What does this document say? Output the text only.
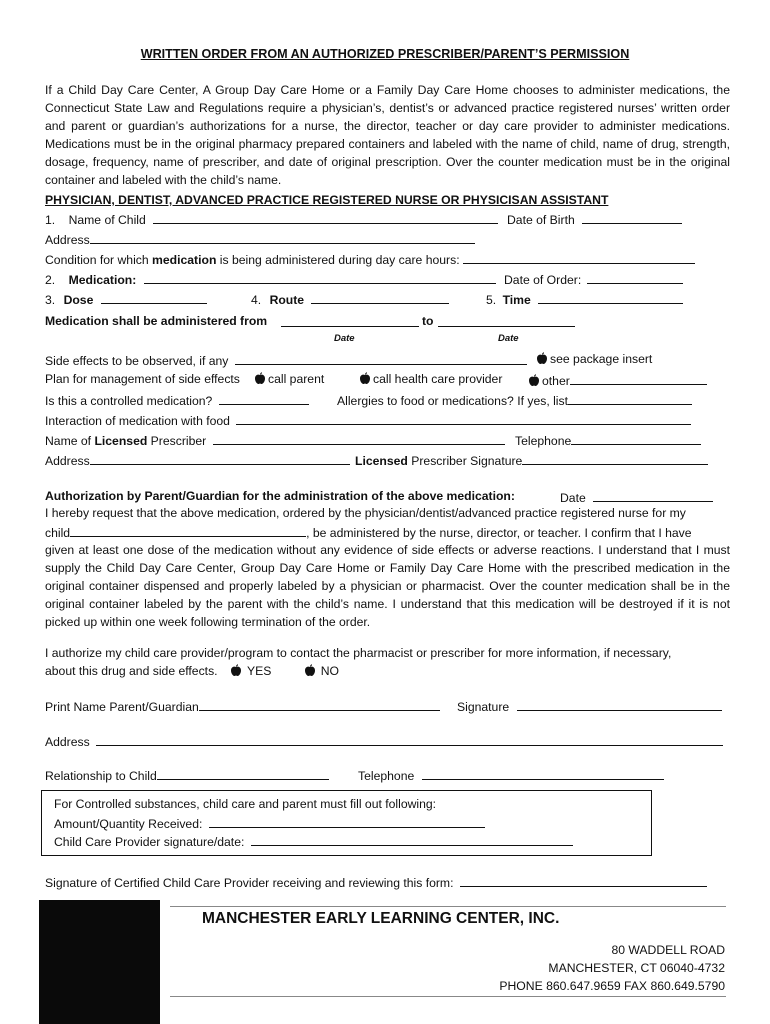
WRITTEN ORDER FROM AN AUTHORIZED PRESCRIBER/PARENT’S PERMISSION
If a Child Day Care Center, A Group Day Care Home or a Family Day Care Home chooses to administer medications, the Connecticut State Law and Regulations require a physician’s, dentist’s or advanced practice registered nurses’ written order and parent or guardian’s authorizations for a nurse, the director, teacher or day care provider to administer medications. Medications must be in the original pharmacy prepared containers and labeled with the name of child, name of drug, strength, dosage, frequency, name of prescriber, and date of original prescription. Over the counter medication must be in the original container and labeled with the child’s name.
PHYSICIAN, DENTIST, ADVANCED PRACTICE REGISTERED NURSE OR PHYSICISAN ASSISTANT
1. Name of Child	Date of Birth
Address
Condition for which medication is being administered during day care hours:
2. Medication:	Date of Order:
3. Dose	4. Route	5. Time
Medication shall be administered from	to
Date	Date
Side effects to be observed, if any	see package insert
Plan for management of side effects	call parent	call health care provider	other
Is this a controlled medication?	Allergies to food or medications? If yes, list
Interaction of medication with food
Name of Licensed Prescriber	Telephone
Address	Licensed Prescriber Signature
Authorization by Parent/Guardian for the administration of the above medication:	Date
I hereby request that the above medication, ordered by the physician/dentist/advanced practice registered nurse for my
child	, be administered by the nurse, director, or teacher. I confirm that I have
given at least one dose of the medication without any evidence of side effects or adverse reactions. I understand that I must supply the Child Day Care Center, Group Day Care Home or Family Day Care Home with the prescribed medication in the original container dispensed and properly labeled by a physician or pharmacist. Over the counter medication shall be in the original container labeled by the parent with the child’s name. I understand that this medication will be destroyed if it is not picked up within one week following termination of the order.
I authorize my child care provider/program to contact the pharmacist or prescriber for more information, if necessary,
about this drug and side effects. YES	NO
Print Name Parent/Guardian	Signature
Address
Relationship to Child	Telephone
For Controlled substances, child care and parent must fill out following:
Amount/Quantity Received:
Child Care Provider signature/date:
Signature of Certified Child Care Provider receiving and reviewing this form:
MANCHESTER EARLY LEARNING CENTER, INC.
80 WADDELL ROAD
MANCHESTER, CT 06040-4732
PHONE 860.647.9659 FAX 860.649.5790
